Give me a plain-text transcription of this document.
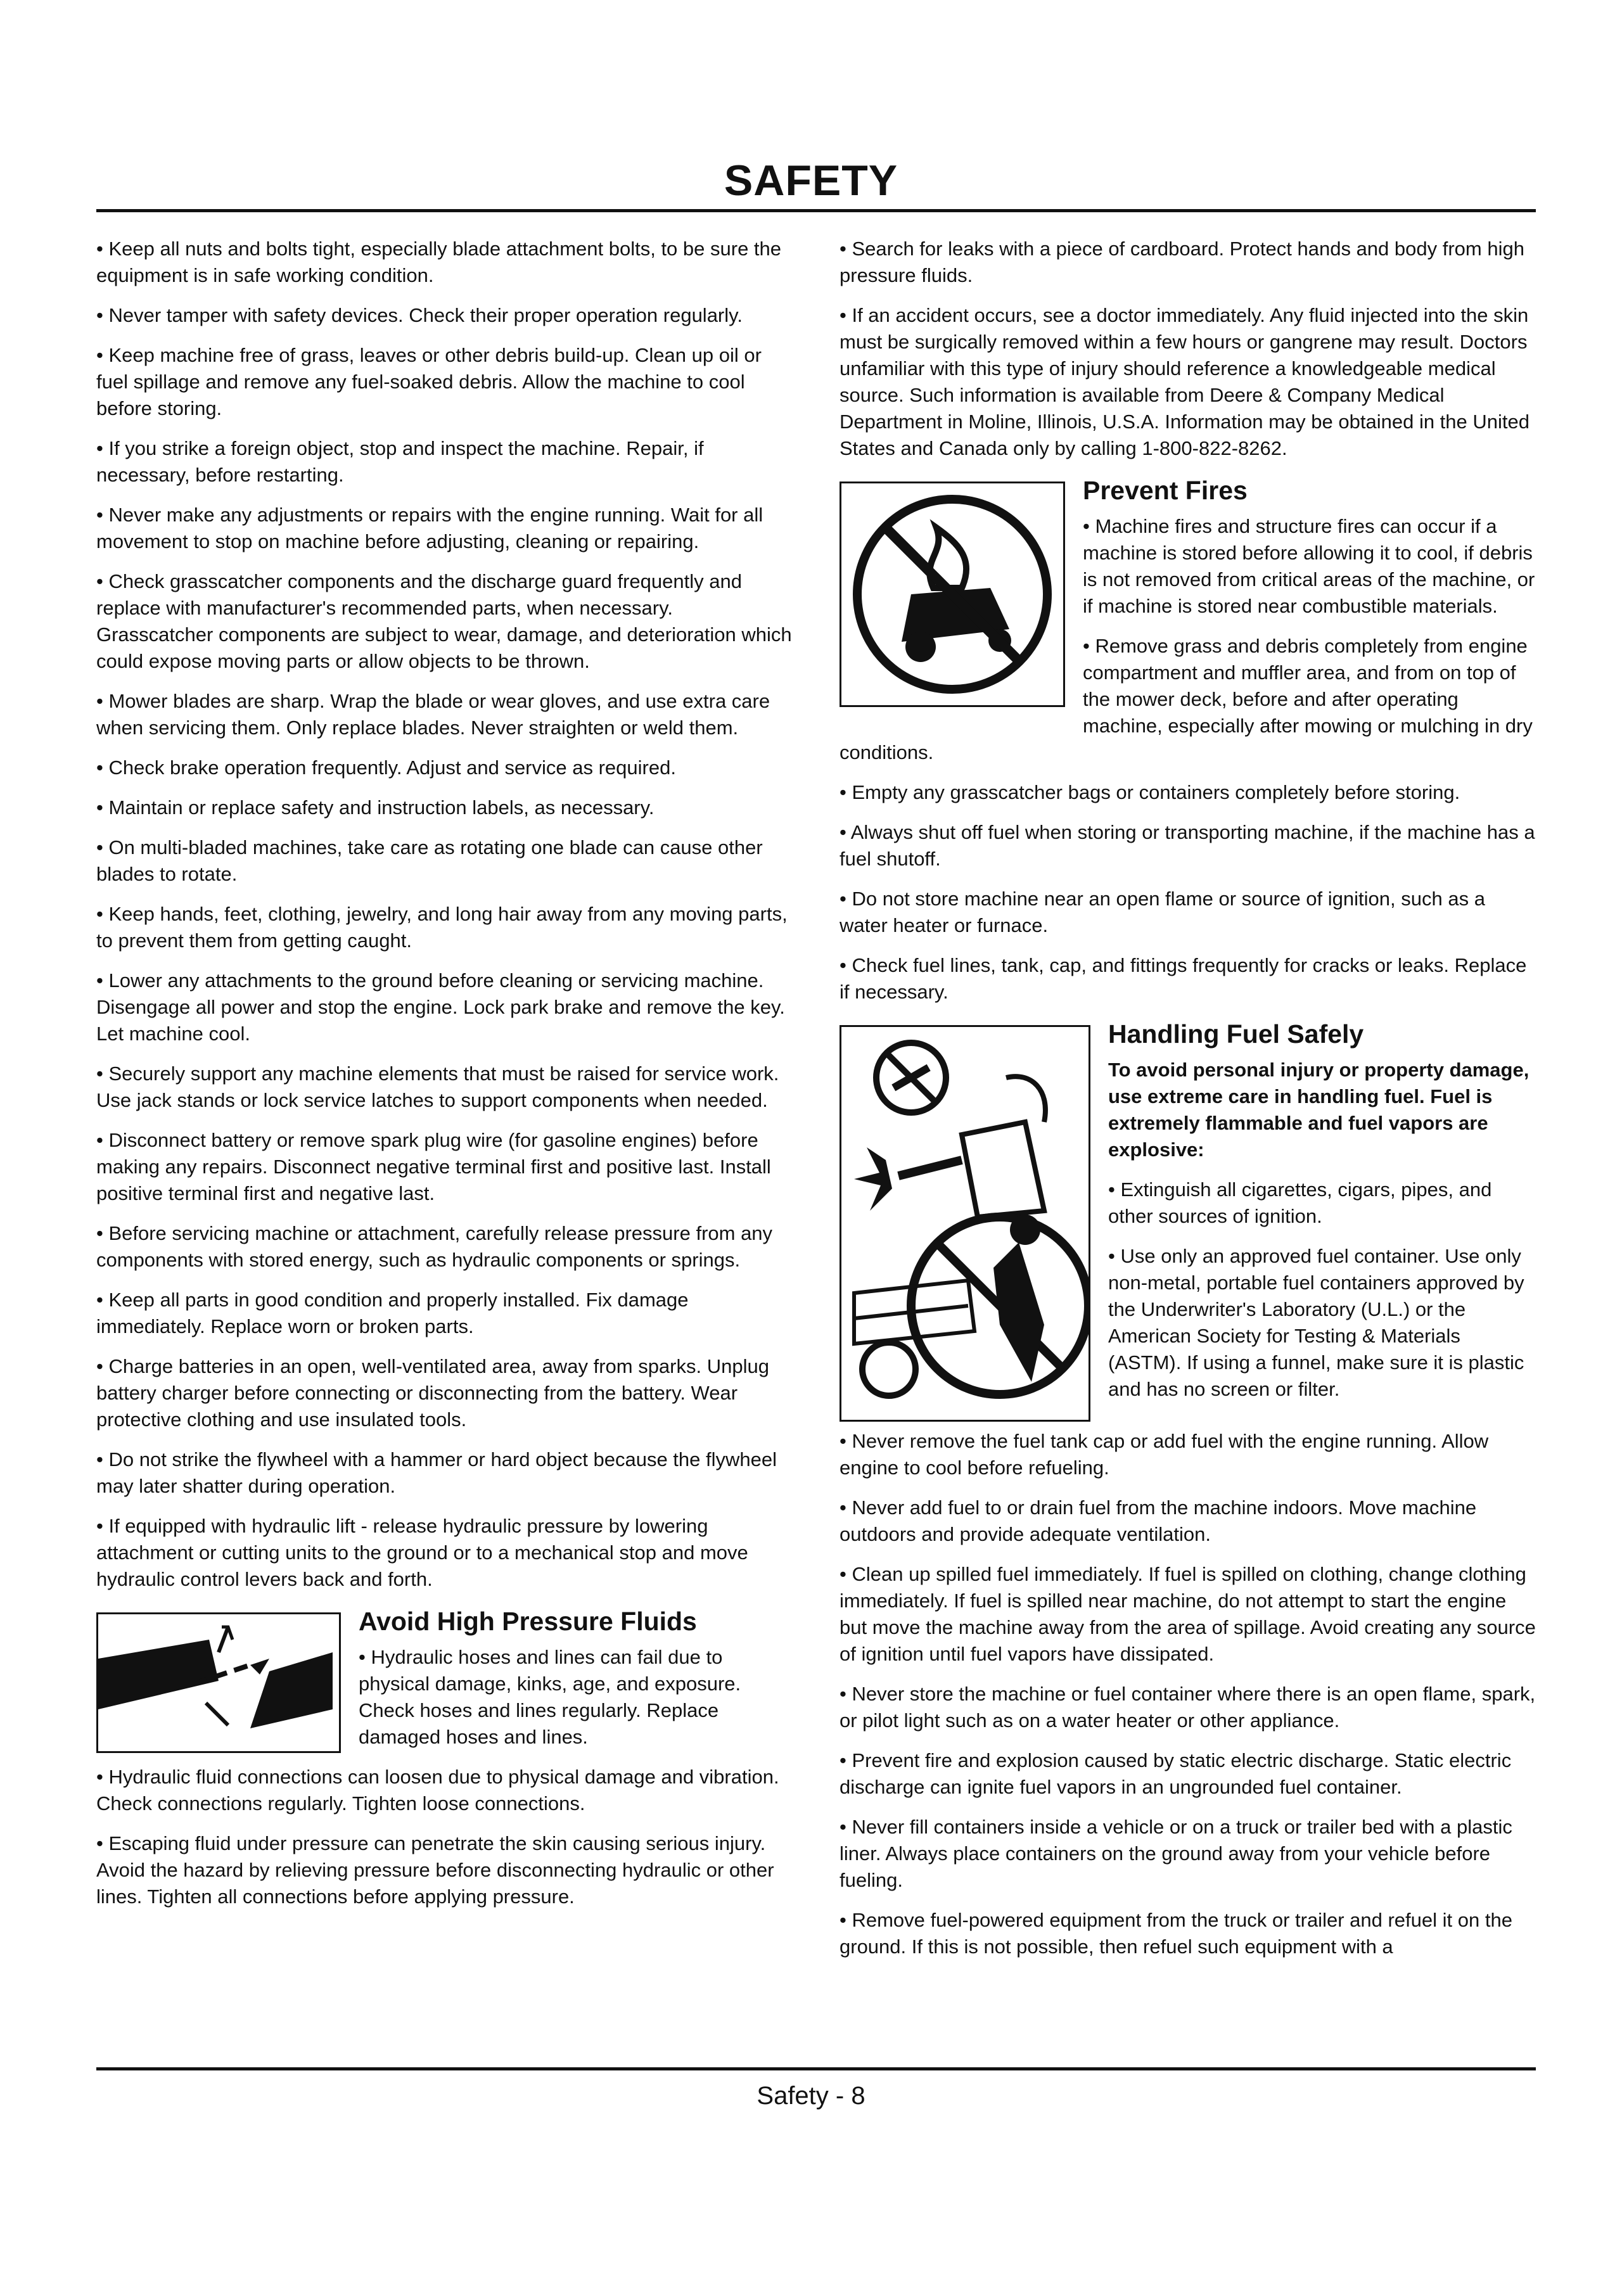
SAFETY

• Keep all nuts and bolts tight, especially blade attachment bolts, to be sure the equipment is in safe working condition.

• Never tamper with safety devices. Check their proper operation regularly.

• Keep machine free of grass, leaves or other debris build-up. Clean up oil or fuel spillage and remove any fuel-soaked debris. Allow the machine to cool before storing.

• If you strike a foreign object, stop and inspect the machine. Repair, if necessary, before restarting.

• Never make any adjustments or repairs with the engine running. Wait for all movement to stop on machine before adjusting, cleaning or repairing.

• Check grasscatcher components and the discharge guard frequently and replace with manufacturer's recommended parts, when necessary. Grasscatcher components are subject to wear, damage, and deterioration which could expose moving parts or allow objects to be thrown.

• Mower blades are sharp. Wrap the blade or wear gloves, and use extra care when servicing them. Only replace blades. Never straighten or weld them.

• Check brake operation frequently. Adjust and service as required.

• Maintain or replace safety and instruction labels, as necessary.

• On multi-bladed machines, take care as rotating one blade can cause other blades to rotate.

• Keep hands, feet, clothing, jewelry, and long hair away from any moving parts, to prevent them from getting caught.

• Lower any attachments to the ground before cleaning or servicing machine. Disengage all power and stop the engine. Lock park brake and remove the key. Let machine cool.

• Securely support any machine elements that must be raised for service work. Use jack stands or lock service latches to support components when needed.

• Disconnect battery or remove spark plug wire (for gasoline engines) before making any repairs. Disconnect negative terminal first and positive last. Install positive terminal first and negative last.

• Before servicing machine or attachment, carefully release pressure from any components with stored energy, such as hydraulic components or springs.

• Keep all parts in good condition and properly installed. Fix damage immediately. Replace worn or broken parts.

• Charge batteries in an open, well-ventilated area, away from sparks. Unplug battery charger before connecting or disconnecting from the battery. Wear protective clothing and use insulated tools.

• Do not strike the flywheel with a hammer or hard object because the flywheel may later shatter during operation.

• If equipped with hydraulic lift - release hydraulic pressure by lowering attachment or cutting units to the ground or to a mechanical stop and move hydraulic control levers back and forth.

Avoid High Pressure Fluids

• Hydraulic hoses and lines can fail due to physical damage, kinks, age, and exposure. Check hoses and lines regularly. Replace damaged hoses and lines.

• Hydraulic fluid connections can loosen due to physical damage and vibration. Check connections regularly. Tighten loose connections.

• Escaping fluid under pressure can penetrate the skin causing serious injury. Avoid the hazard by relieving pressure before disconnecting hydraulic or other lines. Tighten all connections before applying pressure.

• Search for leaks with a piece of cardboard. Protect hands and body from high pressure fluids.

• If an accident occurs, see a doctor immediately. Any fluid injected into the skin must be surgically removed within a few hours or gangrene may result. Doctors unfamiliar with this type of injury should reference a knowledgeable medical source. Such information is available from Deere & Company Medical Department in Moline, Illinois, U.S.A. Information may be obtained in the United States and Canada only by calling 1-800-822-8262.

Prevent Fires

• Machine fires and structure fires can occur if a machine is stored before allowing it to cool, if debris is not removed from critical areas of the machine, or if machine is stored near combustible materials.

• Remove grass and debris completely from engine compartment and muffler area, and from on top of the mower deck, before and after operating machine, especially after mowing or mulching in dry conditions.

• Empty any grasscatcher bags or containers completely before storing.

• Always shut off fuel when storing or transporting machine, if the machine has a fuel shutoff.

• Do not store machine near an open flame or source of ignition, such as a water heater or furnace.

• Check fuel lines, tank, cap, and fittings frequently for cracks or leaks. Replace if necessary.

Handling Fuel Safely

To avoid personal injury or property damage, use extreme care in handling fuel. Fuel is extremely flammable and fuel vapors are explosive:

• Extinguish all cigarettes, cigars, pipes, and other sources of ignition.

• Use only an approved fuel container. Use only non-metal, portable fuel containers approved by the Underwriter's Laboratory (U.L.) or the American Society for Testing & Materials (ASTM). If using a funnel, make sure it is plastic and has no screen or filter.

• Never remove the fuel tank cap or add fuel with the engine running. Allow engine to cool before refueling.

• Never add fuel to or drain fuel from the machine indoors. Move machine outdoors and provide adequate ventilation.

• Clean up spilled fuel immediately. If fuel is spilled on clothing, change clothing immediately. If fuel is spilled near machine, do not attempt to start the engine but move the machine away from the area of spillage. Avoid creating any source of ignition until fuel vapors have dissipated.

• Never store the machine or fuel container where there is an open flame, spark, or pilot light such as on a water heater or other appliance.

• Prevent fire and explosion caused by static electric discharge. Static electric discharge can ignite fuel vapors in an ungrounded fuel container.

• Never fill containers inside a vehicle or on a truck or trailer bed with a plastic liner. Always place containers on the ground away from your vehicle before fueling.

• Remove fuel-powered equipment from the truck or trailer and refuel it on the ground. If this is not possible, then refuel such equipment with a

Safety - 8
